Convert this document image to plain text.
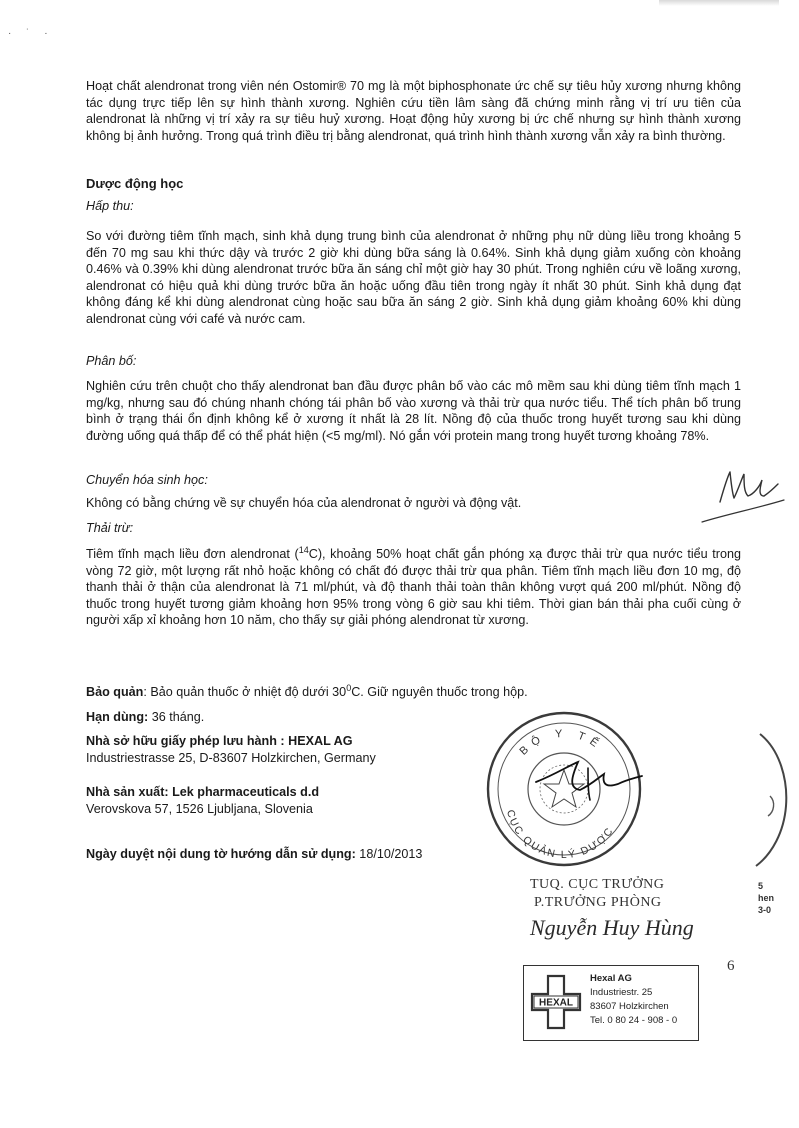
· ˙ ·

Hoạt chất alendronat trong viên nén Ostomir® 70 mg là một biphosphonate ức chế sự tiêu hủy xương nhưng không tác dụng trực tiếp lên sự hình thành xương. Nghiên cứu tiền lâm sàng đã chứng minh rằng vị trí ưu tiên của alendronat là những vị trí xảy ra sự tiêu huỷ xương. Hoạt động hủy xương bị ức chế nhưng sự hình thành xương không bị ảnh hưởng. Trong quá trình điều trị bằng alendronat, quá trình hình thành xương vẫn xảy ra bình thường.

Dược động học

Hấp thu:

So với đường tiêm tĩnh mạch, sinh khả dụng trung bình của alendronat ở những phụ nữ dùng liều trong khoảng 5 đến 70 mg sau khi thức dậy và trước 2 giờ khi dùng bữa sáng là 0.64%. Sinh khả dụng giảm xuống còn khoảng 0.46% và 0.39% khi dùng alendronat trước bữa ăn sáng chỉ một giờ hay 30 phút. Trong nghiên cứu về loãng xương, alendronat có hiệu quả khi dùng trước bữa ăn hoặc uống đầu tiên trong ngày ít nhất 30 phút. Sinh khả dụng đạt không đáng kể khi dùng alendronat cùng hoặc sau bữa ăn sáng 2 giờ. Sinh khả dụng giảm khoảng 60% khi dùng alendronat cùng với café và nước cam.

Phân bố:

Nghiên cứu trên chuột cho thấy alendronat ban đầu được phân bố vào các mô mềm sau khi dùng tiêm tĩnh mạch 1 mg/kg, nhưng sau đó chúng nhanh chóng tái phân bố vào xương và thải trừ qua nước tiểu. Thể tích phân bố trung bình ở trạng thái ổn định không kể ở xương ít nhất là 28 lít. Nồng độ của thuốc trong huyết tương sau khi dùng đường uống quá thấp để có thể phát hiện (<5 mg/ml). Nó gắn với protein mang trong huyết tương khoảng 78%.

Chuyển hóa sinh học:

Không có bằng chứng về sự chuyển hóa của alendronat ở người và động vật.

Thải trừ:

Tiêm tĩnh mạch liều đơn alendronat ($^{14}$C), khoảng 50% hoạt chất gắn phóng xạ được thải trừ qua nước tiểu trong vòng 72 giờ, một lượng rất nhỏ hoặc không có chất đó được thải trừ qua phân. Tiêm tĩnh mạch liều đơn 10 mg, độ thanh thải ở thận của alendronat là 71 ml/phút, và độ thanh thải toàn thân không vượt quá 200 ml/phút. Nồng độ thuốc trong huyết tương giảm khoảng hơn 95% trong vòng 6 giờ sau khi tiêm. Thời gian bán thải pha cuối cùng ở người xấp xỉ khoảng hơn 10 năm, cho thấy sự giải phóng alendronat từ xương.

Bảo quản: Bảo quản thuốc ở nhiệt độ dưới $30^0C$. Giữ nguyên thuốc trong hộp.

Hạn dùng: 36 tháng.

Nhà sở hữu giấy phép lưu hành : HEXAL AG

Industriestrasse 25, D-83607 Holzkirchen, Germany

Nhà sản xuất: Lek pharmaceuticals d.d

Verovskova 57, 1526 Ljubljana, Slovenia

Ngày duyệt nội dung tờ hướng dẫn sử dụng: 18/10/2013

BỘ Y TẾ
CỤC QUẢN LÝ DƯỢC
TUQ. CỤC TRƯỞNG
P.TRƯỞNG PHÒNG
Nguyễn Huy Hùng
5
hen
3-0
6
HEXAL
Hexal AG
Industriestr. 25
83607 Holzkirchen
Tel. 0 80 24 - 908 - 0
